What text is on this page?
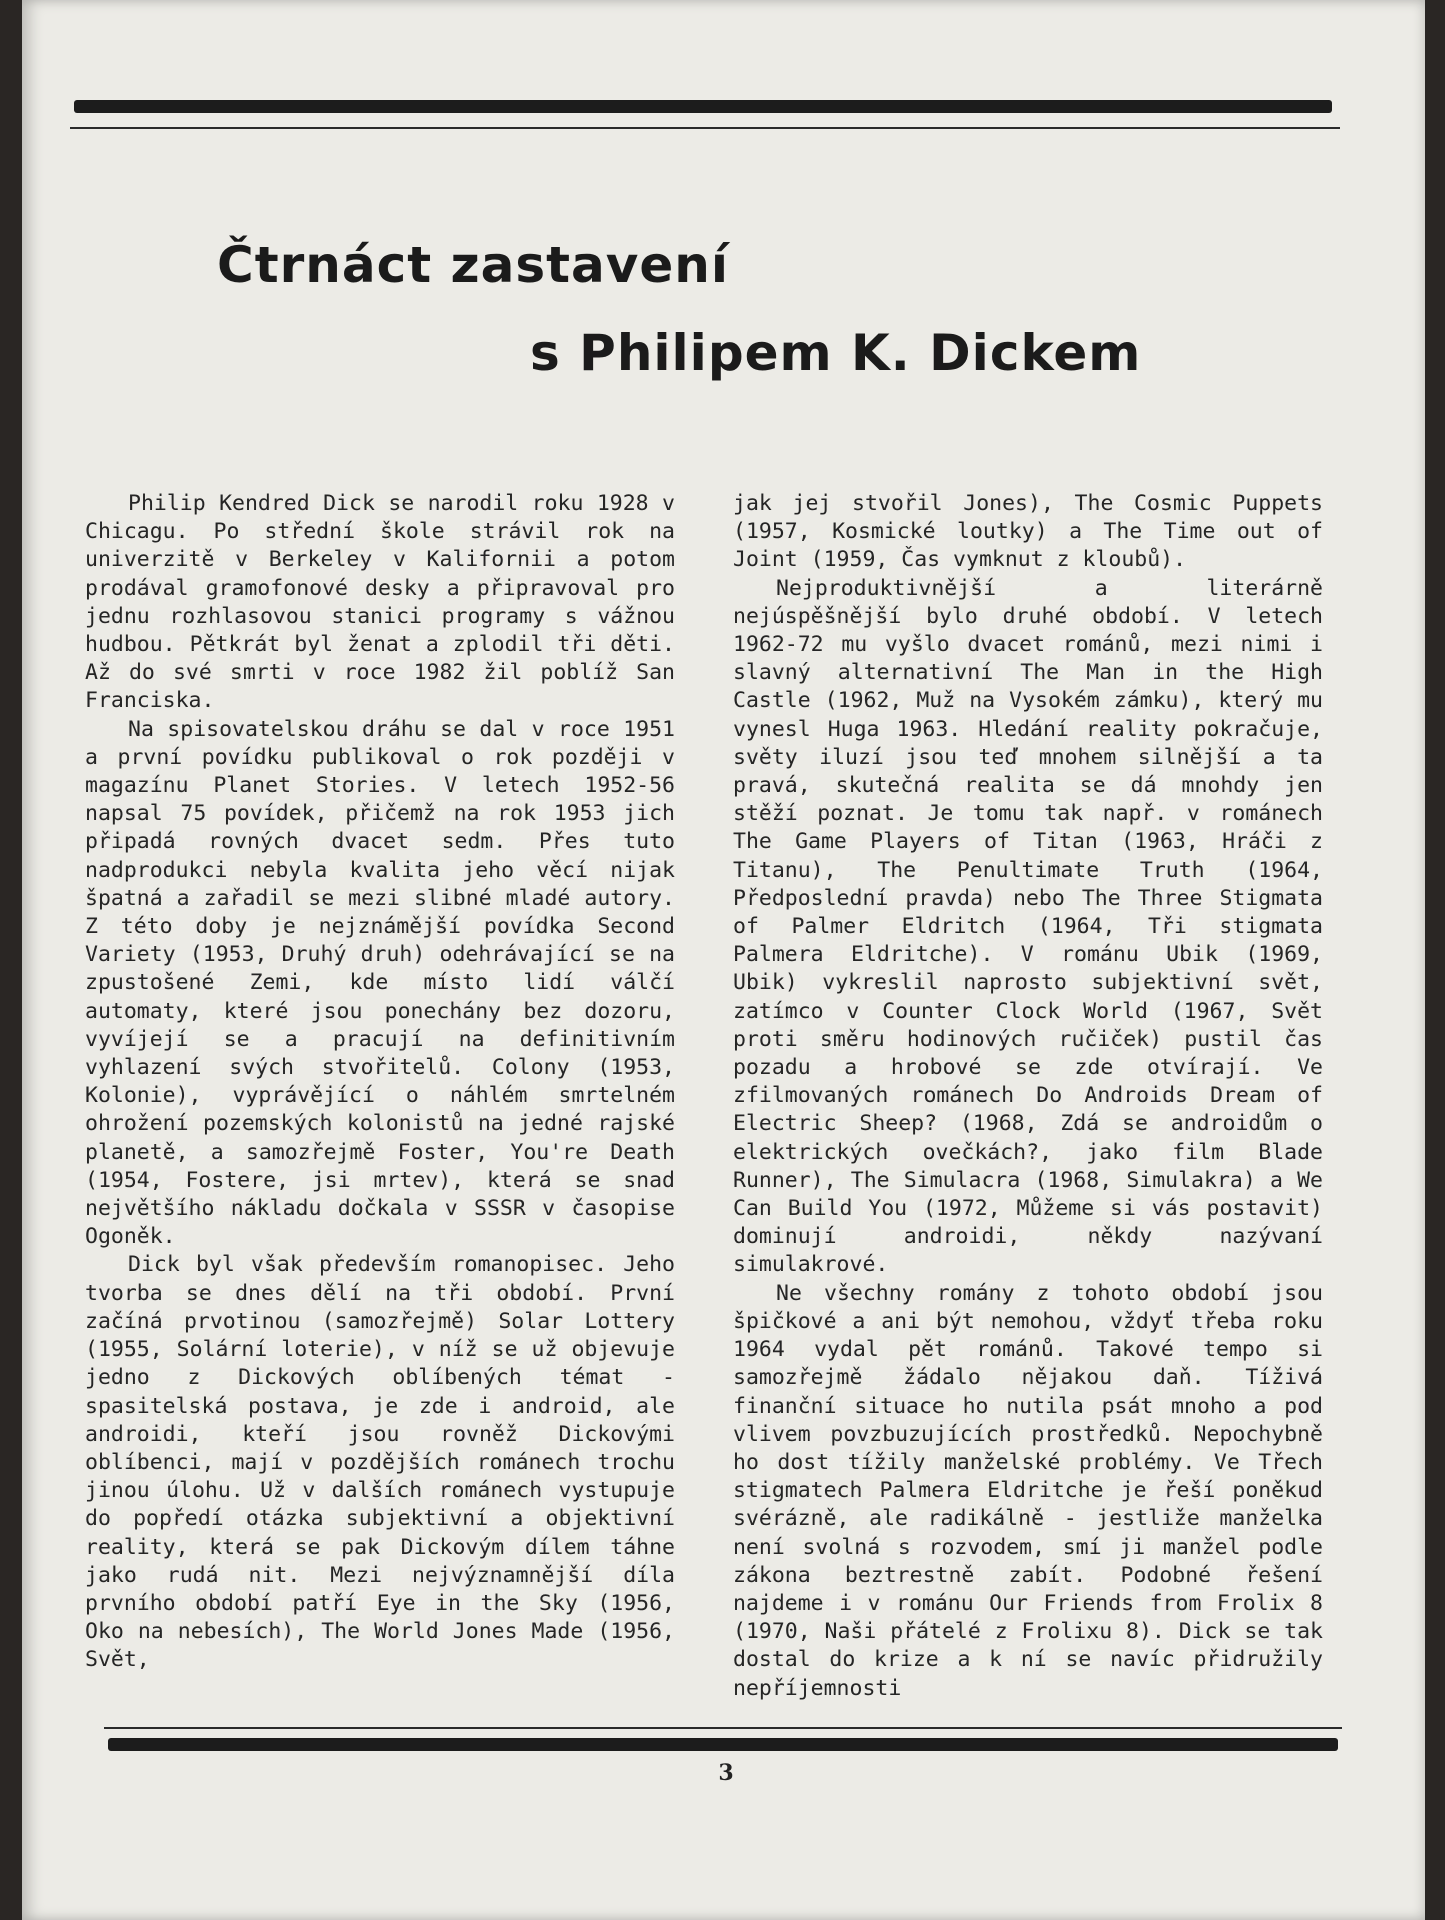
Čtrnáct zastavení
s Philipem K. Dickem

Philip Kendred Dick se narodil roku 1928 v Chicagu. Po střední škole strávil rok na univerzitě v Berkeley v Kalifornii a potom prodával gramofonové desky a připravoval pro jednu rozhlasovou stanici programy s vážnou hudbou. Pětkrát byl ženat a zplodil tři děti. Až do své smrti v roce 1982 žil poblíž San Franciska.

Na spisovatelskou dráhu se dal v roce 1951 a první povídku publikoval o rok později v magazínu Planet Stories. V letech 1952-56 napsal 75 povídek, přičemž na rok 1953 jich připadá rovných dvacet sedm. Přes tuto nadprodukci nebyla kvalita jeho věcí nijak špatná a zařadil se mezi slibné mladé autory. Z této doby je nejznámější povídka Second Variety (1953, Druhý druh) odehrávající se na zpustošené Zemi, kde místo lidí válčí automaty, které jsou ponechány bez dozoru, vyvíjejí se a pracují na definitivním vyhlazení svých stvořitelů. Colony (1953, Kolonie), vyprávějící o náhlém smrtelném ohrožení pozemských kolonistů na jedné rajské planetě, a samozřejmě Foster, You're Death (1954, Fostere, jsi mrtev), která se snad největšího nákladu dočkala v SSSR v časopise Ogoněk.

Dick byl však především romanopisec. Jeho tvorba se dnes dělí na tři období. První začíná prvotinou (samozřejmě) Solar Lottery (1955, Solární loterie), v níž se už objevuje jedno z Dickových oblíbených témat - spasitelská postava, je zde i android, ale androidi, kteří jsou rovněž Dickovými oblíbenci, mají v pozdějších románech trochu jinou úlohu. Už v dalších románech vystupuje do popředí otázka subjektivní a objektivní reality, která se pak Dickovým dílem táhne jako rudá nit. Mezi nejvýznamnější díla prvního období patří Eye in the Sky (1956, Oko na nebesích), The World Jones Made (1956, Svět,

jak jej stvořil Jones), The Cosmic Puppets (1957, Kosmické loutky) a The Time out of Joint (1959, Čas vymknut z kloubů).

Nejproduktivnější a literárně nejúspěšnější bylo druhé období. V letech 1962-72 mu vyšlo dvacet románů, mezi nimi i slavný alternativní The Man in the High Castle (1962, Muž na Vysokém zámku), který mu vynesl Huga 1963. Hledání reality pokračuje, světy iluzí jsou teď mnohem silnější a ta pravá, skutečná realita se dá mnohdy jen stěží poznat. Je tomu tak např. v románech The Game Players of Titan (1963, Hráči z Titanu), The Penultimate Truth (1964, Předposlední pravda) nebo The Three Stigmata of Palmer Eldritch (1964, Tři stigmata Palmera Eldritche). V románu Ubik (1969, Ubik) vykreslil naprosto subjektivní svět, zatímco v Counter Clock World (1967, Svět proti směru hodinových ručiček) pustil čas pozadu a hrobové se zde otvírají. Ve zfilmovaných románech Do Androids Dream of Electric Sheep? (1968, Zdá se androidům o elektrických ovečkách?, jako film Blade Runner), The Simulacra (1968, Simulakra) a We Can Build You (1972, Můžeme si vás postavit) dominují androidi, někdy nazývaní simulakrové.

Ne všechny romány z tohoto období jsou špičkové a ani být nemohou, vždyť třeba roku 1964 vydal pět románů. Takové tempo si samozřejmě žádalo nějakou daň. Tíživá finanční situace ho nutila psát mnoho a pod vlivem povzbuzujících prostředků. Nepochybně ho dost tížily manželské problémy. Ve Třech stigmatech Palmera Eldritche je řeší poněkud svérázně, ale radikálně - jestliže manželka není svolná s rozvodem, smí ji manžel podle zákona beztrestně zabít. Podobné řešení najdeme i v románu Our Friends from Frolix 8 (1970, Naši přátelé z Frolixu 8). Dick se tak dostal do krize a k ní se navíc přidružily nepříjemnosti

3
